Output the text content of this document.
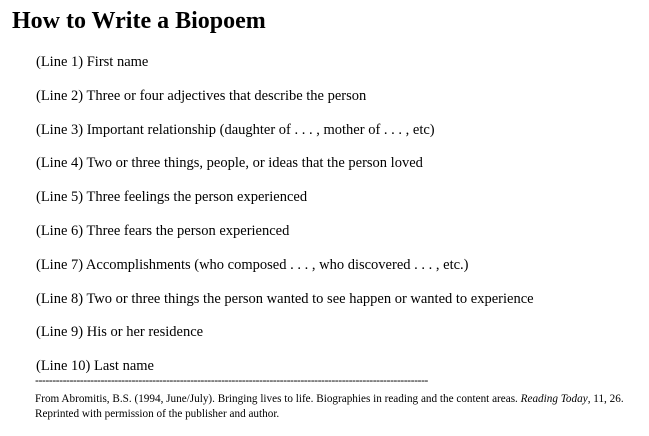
How to Write a Biopoem
(Line 1) First name
(Line 2) Three or four adjectives that describe the person
(Line 3) Important relationship (daughter of . . . , mother of . . . , etc)
(Line 4) Two or three things, people, or ideas that the person loved
(Line 5) Three feelings the person experienced
(Line 6) Three fears the person experienced
(Line 7) Accomplishments (who composed . . . , who discovered . . . , etc.)
(Line 8) Two or three things the person wanted to see happen or wanted to experience
(Line 9) His or her residence
(Line 10) Last name
------------------------------------------------------------------------------------------------------------------

From Abromitis, B.S. (1994, June/July). Bringing lives to life. Biographies in reading and the content areas. Reading Today, 11, 26. Reprinted with permission of the publisher and author.
